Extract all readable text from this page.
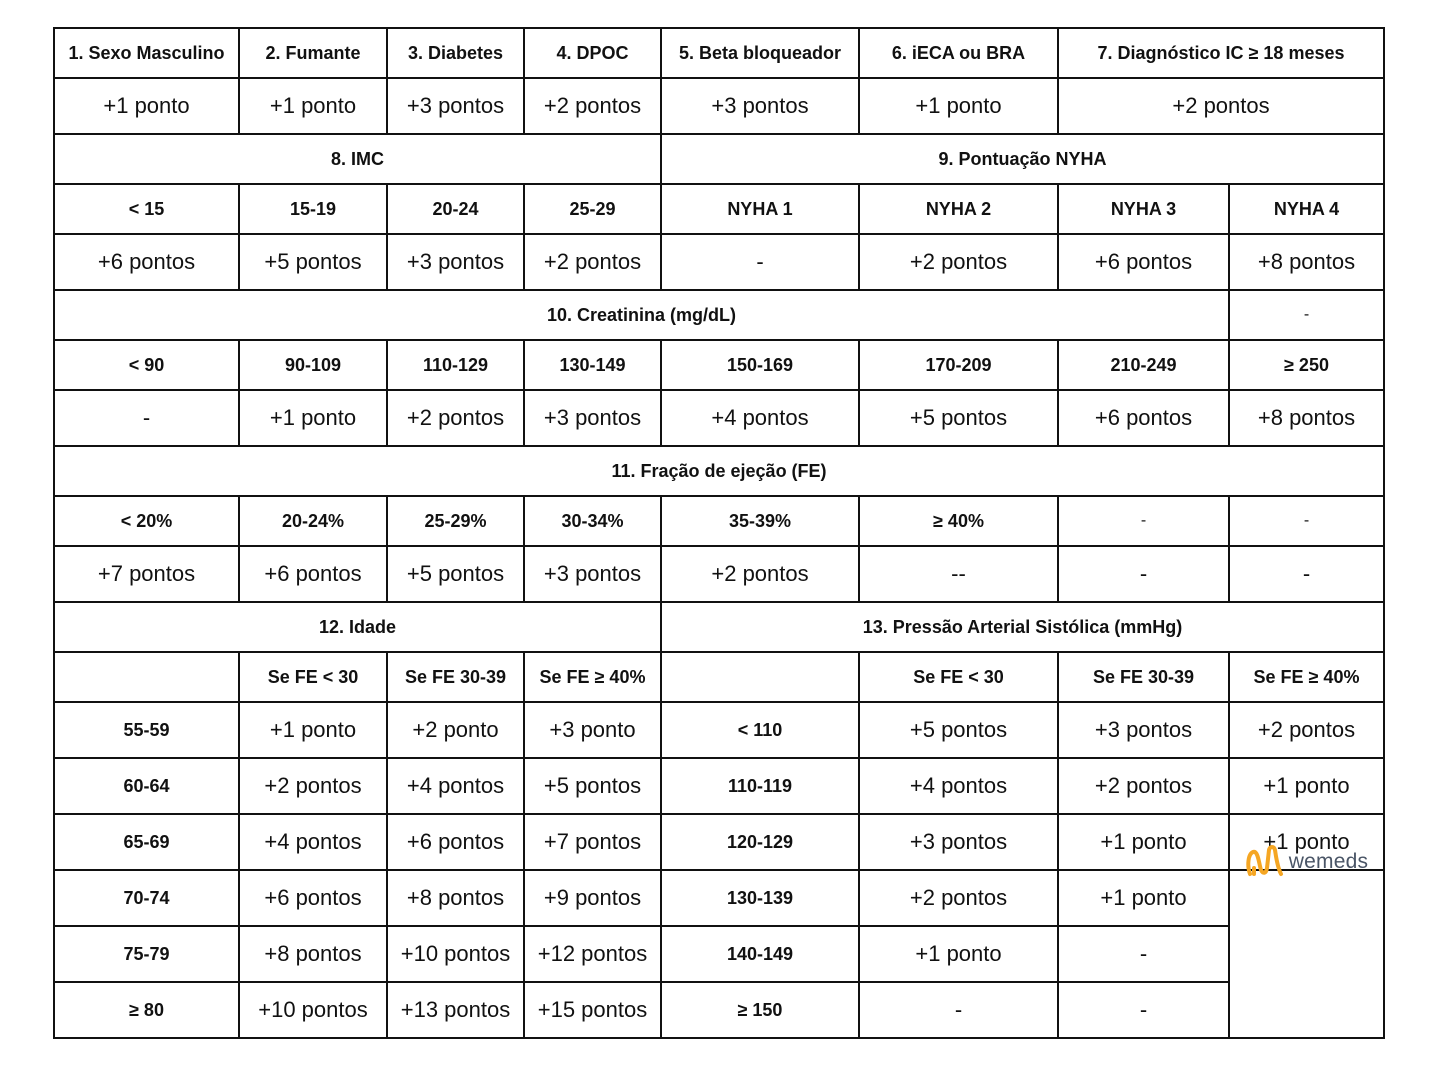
1. Sexo Masculino	2. Fumante	3. Diabetes	4. DPOC	5. Beta bloqueador	6. iECA ou BRA	7. Diagnóstico IC ≥ 18 meses	
+1 ponto	+1 ponto	+3 pontos	+2 pontos	+3 pontos	+1 ponto	+2 pontos	
8. IMC				9. Pontuação NYHA			
< 15	15-19	20-24	25-29	NYHA 1	NYHA 2	NYHA 3	NYHA 4
+6 pontos	+5 pontos	+3 pontos	+2 pontos	-	+2 pontos	+6 pontos	+8 pontos
10. Creatinina (mg/dL)							-
< 90	90-109	110-129	130-149	150-169	170-209	210-249	≥ 250
-	+1 ponto	+2 pontos	+3 pontos	+4 pontos	+5 pontos	+6 pontos	+8 pontos
11. Fração de ejeção (FE)							
< 20%	20-24%	25-29%	30-34%	35-39%	≥ 40%	-	-
+7 pontos	+6 pontos	+5 pontos	+3 pontos	+2 pontos	--	-	-
12. Idade				13. Pressão Arterial Sistólica (mmHg)			
	Se FE < 30	Se FE 30-39	Se FE ≥ 40%		Se FE < 30	Se FE 30-39	Se FE ≥ 40%
55-59	+1 ponto	+2 ponto	+3 ponto	< 110	+5 pontos	+3 pontos	+2 pontos
60-64	+2 pontos	+4 pontos	+5 pontos	110-119	+4 pontos	+2 pontos	+1 ponto
65-69	+4 pontos	+6 pontos	+7 pontos	120-129	+3 pontos	+1 ponto	+1 ponto
70-74	+6 pontos	+8 pontos	+9 pontos	130-139	+2 pontos	+1 ponto	wemeds

75-79	+8 pontos	+10 pontos	+12 pontos	140-149	+1 ponto	-	
≥ 80	+10 pontos	+13 pontos	+15 pontos	≥ 150	-	-	
